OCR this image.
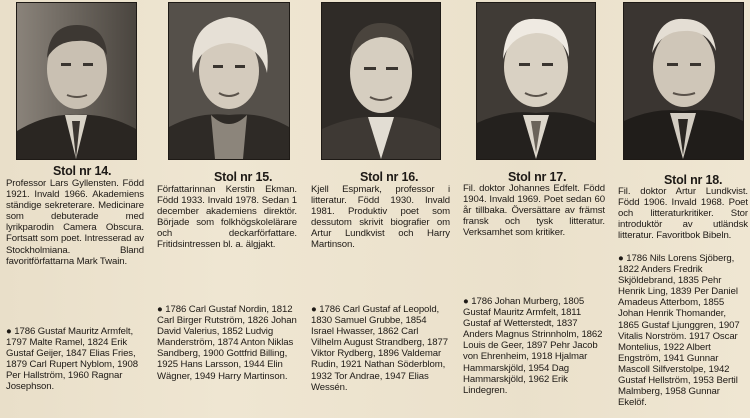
Stol nr 14.

Professor Lars Gyllensten. Född 1921. Invald 1966. Akademiens ständige sekreterare. Medicinare som debuterade med lyrikparodin Camera Obscura. Fortsatt som poet. Intresserad av Stockholmiana. Bland favoritförfattarna Mark Twain.

● 1786 Gustaf Mauritz Armfelt, 1797 Malte Ramel, 1824 Erik Gustaf Geijer, 1847 Elias Fries, 1879 Carl Rupert Nyblom, 1908 Per Hallström, 1960 Ragnar Josephson.

Stol nr 15.

Författarinnan Kerstin Ekman. Född 1933. Invald 1978. Sedan 1 december akademiens direktör. Började som folkhögskolelärare och deckarförfattare. Fritidsintressen bl. a. älgjakt.

● 1786 Carl Gustaf Nordin, 1812 Carl Birger Rutström, 1826 Johan David Valerius, 1852 Ludvig Manderström, 1874 Anton Niklas Sandberg, 1900 Gottfrid Billing, 1925 Hans Larsson, 1944 Elin Wägner, 1949 Harry Martinson.

Stol nr 16.

Kjell Espmark, professor i litteratur. Född 1930. Invald 1981. Produktiv poet som dessutom skrivit biografier om Artur Lundkvist och Harry Martinson.

● 1786 Carl Gustaf af Leopold, 1830 Samuel Grubbe, 1854 Israel Hwasser, 1862 Carl Vilhelm August Strandberg, 1877 Viktor Rydberg, 1896 Valdemar Rudin, 1921 Nathan Söderblom, 1932 Tor Andrae, 1947 Elias Wessén.

Stol nr 17.

Fil. doktor Johannes Edfelt. Född 1904. Invald 1969. Poet sedan 60 år tillbaka. Översättare av främst fransk och tysk litteratur. Verksamhet som kritiker.

● 1786 Johan Murberg, 1805 Gustaf Mauritz Armfelt, 1811 Gustaf af Wetterstedt, 1837 Anders Magnus Strinnholm, 1862 Louis de Geer, 1897 Pehr Jacob von Ehrenheim, 1918 Hjalmar Hammarskjöld, 1954 Dag Hammarskjöld, 1962 Erik Lindegren.

Stol nr 18.

Fil. doktor Artur Lundkvist. Född 1906. Invald 1968. Poet och litteraturkritiker. Stor introduktör av utländsk litteratur. Favoritbok Bibeln.

● 1786 Nils Lorens Sjöberg, 1822 Anders Fredrik Skjöldebrand, 1835 Pehr Henrik Ling, 1839 Per Daniel Amadeus Atterbom, 1855 Johan Henrik Thomander, 1865 Gustaf Ljunggren, 1907 Vitalis Norström. 1917 Oscar Montelius, 1922 Albert Engström, 1941 Gunnar Mascoll Silfverstolpe, 1942 Gustaf Hellström, 1953 Bertil Malmberg, 1958 Gunnar Ekelöf.
